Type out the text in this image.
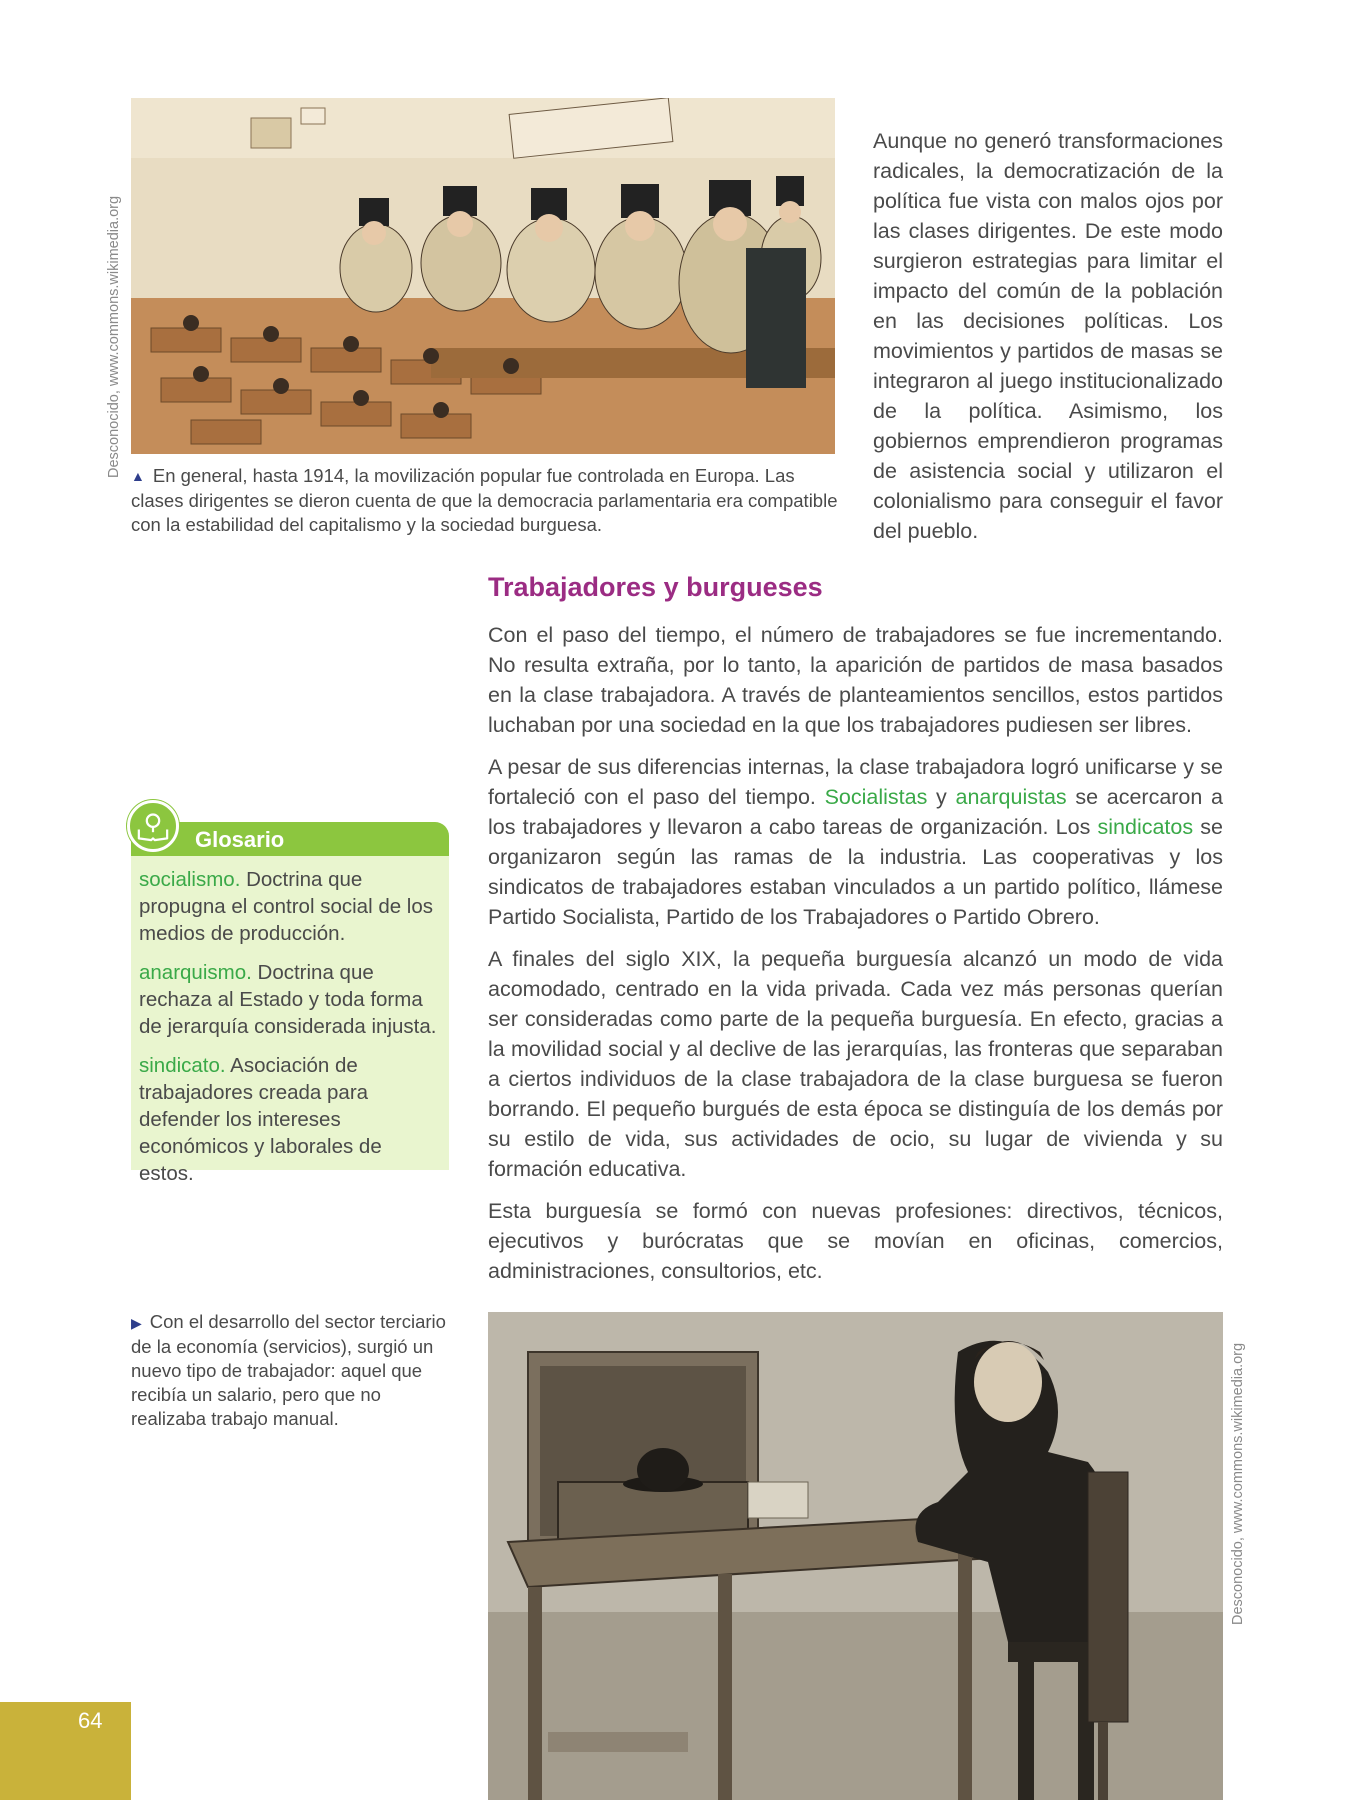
Desconocido, www.commons.wikimedia.org ▲ En general, hasta 1914, la movilización popular fue controlada en Europa. Las clases dirigentes se dieron cuenta de que la democracia parlamentaria era compatible con la estabilidad del capitalismo y la sociedad burguesa.
Aunque no generó transformaciones radicales, la democratización de la política fue vista con malos ojos por las clases dirigentes. De este modo surgieron estrategias para limitar el impacto del común de la población en las decisiones políticas. Los movimientos y partidos de masas se integraron al juego institucionalizado de la política. Asimismo, los gobiernos emprendieron programas de asistencia social y utilizaron el colonialismo para conseguir el favor del pueblo.
Trabajadores y burgueses

Con el paso del tiempo, el número de trabajadores se fue incrementando. No resulta extraña, por lo tanto, la aparición de partidos de masa basados en la clase trabajadora. A través de planteamientos sencillos, estos partidos luchaban por una sociedad en la que los trabajadores pudiesen ser libres.

A pesar de sus diferencias internas, la clase trabajadora logró unificarse y se fortaleció con el paso del tiempo. Socialistas y anarquistas se acercaron a los trabajadores y llevaron a cabo tareas de organización. Los sindicatos se organizaron según las ramas de la industria. Las cooperativas y los sindicatos de trabajadores estaban vinculados a un partido político, llámese Partido Socialista, Partido de los Trabajadores o Partido Obrero.

A finales del siglo XIX, la pequeña burguesía alcanzó un modo de vida acomodado, centrado en la vida privada. Cada vez más personas querían ser consideradas como parte de la pequeña burguesía. En efecto, gracias a la movilidad social y al declive de las jerarquías, las fronteras que separaban a ciertos individuos de la clase trabajadora de la clase burguesa se fueron borrando. El pequeño burgués de esta época se distinguía de los demás por su estilo de vida, sus actividades de ocio, su lugar de vivienda y su formación educativa.

Esta burguesía se formó con nuevas profesiones: directivos, técnicos, ejecutivos y burócratas que se movían en oficinas, comercios, administraciones, consultorios, etc.

Glosario
socialismo. Doctrina que propugna el control social de los medios de producción.
anarquismo. Doctrina que rechaza al Estado y toda forma de jerarquía considerada injusta.
sindicato. Asociación de trabajadores creada para defender los intereses económicos y laborales de estos.
▶ Con el desarrollo del sector terciario de la economía (servicios), surgió un nuevo tipo de trabajador: aquel que recibía un salario, pero que no realizaba trabajo manual.	Desconocido, www.commons.wikimedia.org
64
